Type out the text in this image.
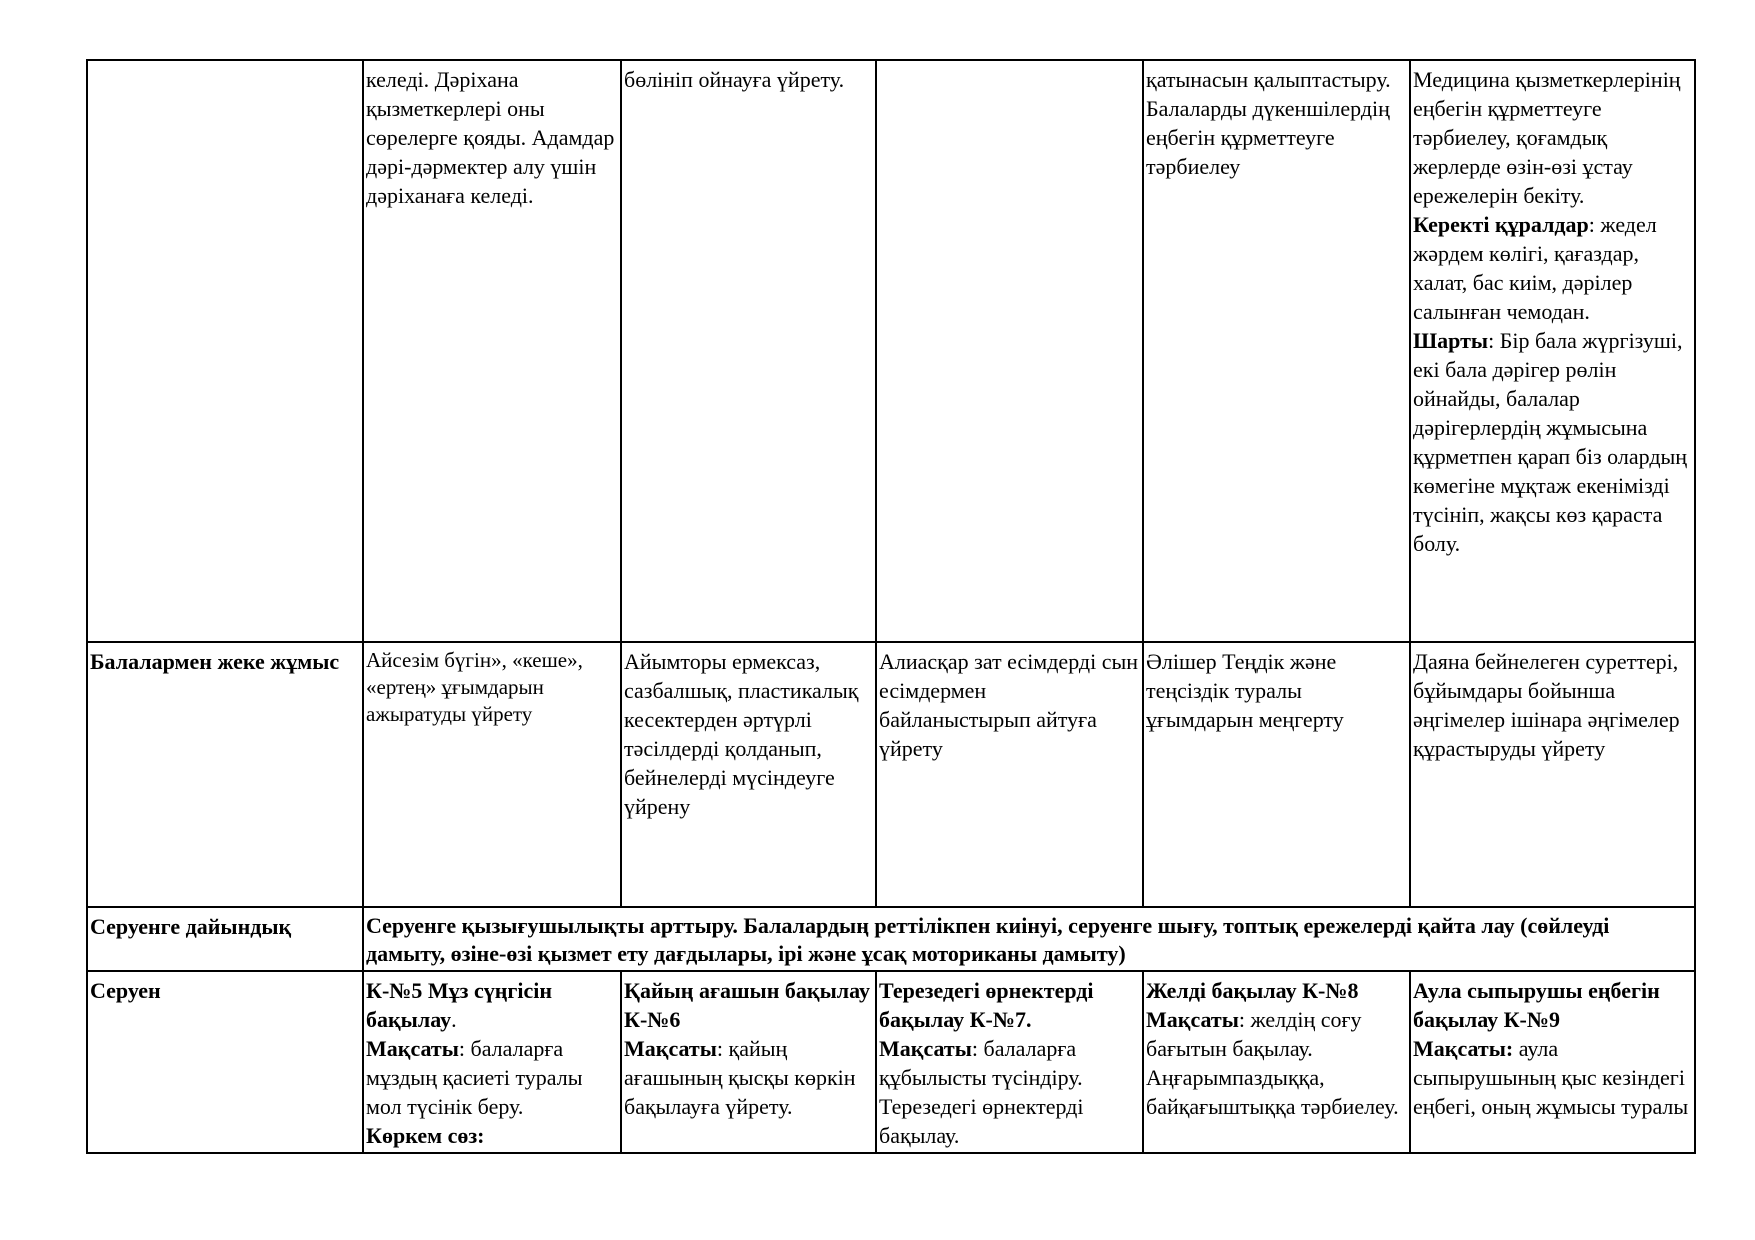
	келеді. Дәріхана қызметкерлері оны сөрелерге қояды. Адамдар дәрі-дәрмектер алу үшін дәріханаға келеді.	бөлініп ойнауға үйрету.		қатынасын қалыптастыру. Балаларды дүкеншілердің еңбегін құрметтеуге тәрбиелеу	Медицина қызметкерлерінің еңбегін құрметтеуге тәрбиелеу, қоғамдық жерлерде өзін-өзі ұстау ережелерін бекіту.
Керекті құралдар: жедел жәрдем көлігі, қағаздар, халат, бас киім, дәрілер салынған чемодан.
Шарты: Бір бала жүргізуші, екі бала дәрігер рөлін ойнайды, балалар дәрігерлердің жұмысына құрметпен қарап біз олардың көмегіне мұқтаж екенімізді түсініп, жақсы көз қараста болу.
Балалармен жеке жұмыс	Айсезім бүгін», «кеше», «ертең» ұғымдарын ажыратуды үйрету	Айымторы ермексаз, сазбалшық, пластикалық кесектерден әртүрлі тәсілдерді қолданып, бейнелерді мүсіндеуге үйрену	Алиасқар зат есімдерді сын есімдермен байланыстырып айтуға үйрету	Әлішер Теңдік және теңсіздік туралы ұғымдарын меңгерту	Даяна бейнелеген суреттері, бұйымдары бойынша әңгімелер ішінара әңгімелер құрастыруды үйрету
Серуенге дайындық	Серуенге қызығушылықты арттыру. Балалардың реттілікпен киінуі, серуенге шығу, топтық ережелерді қайта лау (сөйлеуді дамыту, өзіне-өзі қызмет ету дағдылары, ірі және ұсақ моториканы дамыту)				
Серуен	К-№5 Мұз сүңгісін бақылау.
Мақсаты: балаларға мұздың қасиеті туралы мол түсінік беру.
Көркем сөз:	Қайың ағашын бақылау К-№6
Мақсаты: қайың ағашының қысқы көркін бақылауға үйрету.	Терезедегі өрнектерді бақылау К-№7.
Мақсаты: балаларға құбылысты түсіндіру. Терезедегі өрнектерді бақылау.	Желді бақылау К-№8
Мақсаты: желдің соғу бағытын бақылау. Аңғарымпаздыққа, байқағыштыққа тәрбиелеу.	Аула сыпырушы еңбегін бақылау К-№9
Мақсаты: аула сыпырушының қыс кезіндегі еңбегі, оның жұмысы туралы
